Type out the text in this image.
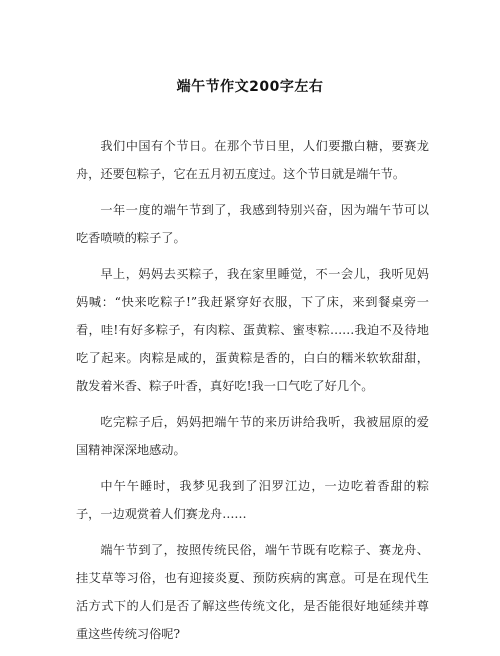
端午节作文200字左右

我们中国有个节日。在那个节日里，人们要撒白糖，要赛龙舟，还要包粽子，它在五月初五度过。这个节日就是端午节。

一年一度的端午节到了，我感到特别兴奋，因为端午节可以吃香喷喷的粽子了。

早上，妈妈去买粽子，我在家里睡觉，不一会儿，我听见妈妈喊：“快来吃粽子!”我赶紧穿好衣服，下了床，来到餐桌旁一看，哇!有好多粽子，有肉粽、蛋黄粽、蜜枣粽……我迫不及待地吃了起来。肉粽是咸的，蛋黄粽是香的，白白的糯米软软甜甜，散发着米香、粽子叶香，真好吃!我一口气吃了好几个。

吃完粽子后，妈妈把端午节的来历讲给我听，我被屈原的爱国精神深深地感动。

中午午睡时，我梦见我到了汨罗江边，一边吃着香甜的粽子，一边观赏着人们赛龙舟……

端午节到了，按照传统民俗，端午节既有吃粽子、赛龙舟、挂艾草等习俗，也有迎接炎夏、预防疾病的寓意。可是在现代生活方式下的人们是否了解这些传统文化，是否能很好地延续并尊重这些传统习俗呢?
